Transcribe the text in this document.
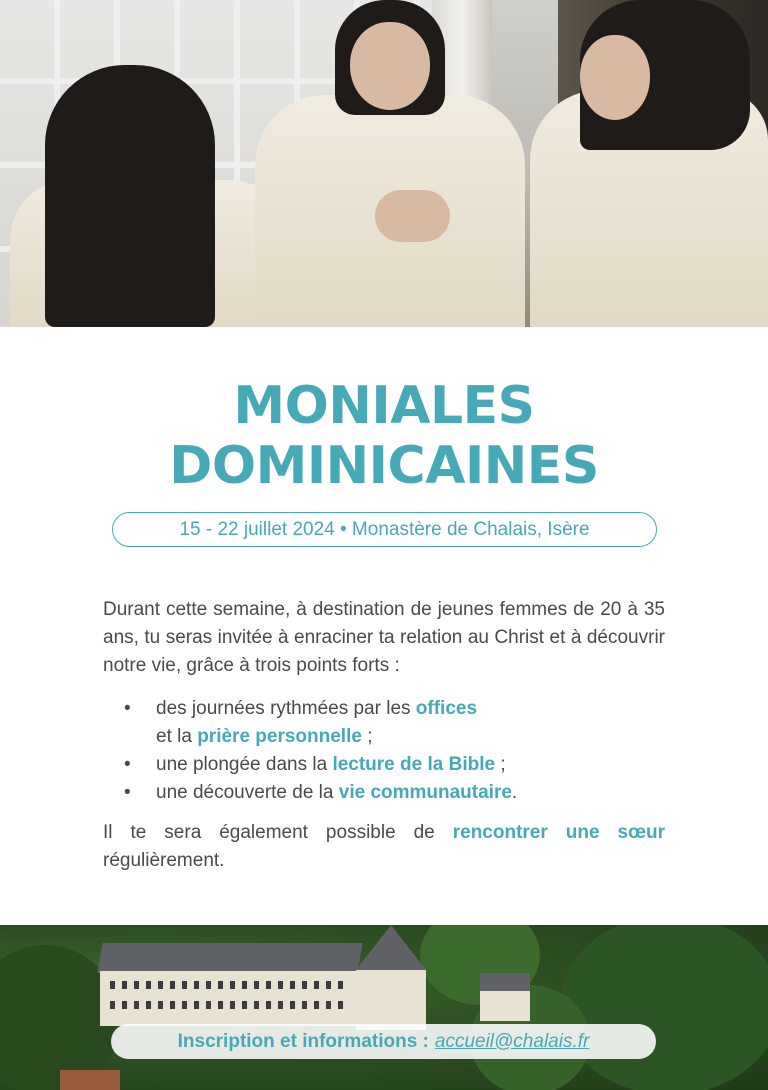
MONIALES
DOMINICAINES
15 - 22 juillet 2024 • Monastère de Chalais, Isère

Durant cette semaine, à destination de jeunes femmes de 20 à 35 ans, tu seras invitée à enraciner ta relation au Christ et à découvrir notre vie, grâce à trois points forts :

• des journées rythmées par les offices
et la prière personnelle ;
• une plongée dans la lecture de la Bible ;
• une découverte de la vie communautaire.

Il te sera également possible de rencontrer une sœur régulièrement.

Inscription et informations : accueil@chalais.fr
